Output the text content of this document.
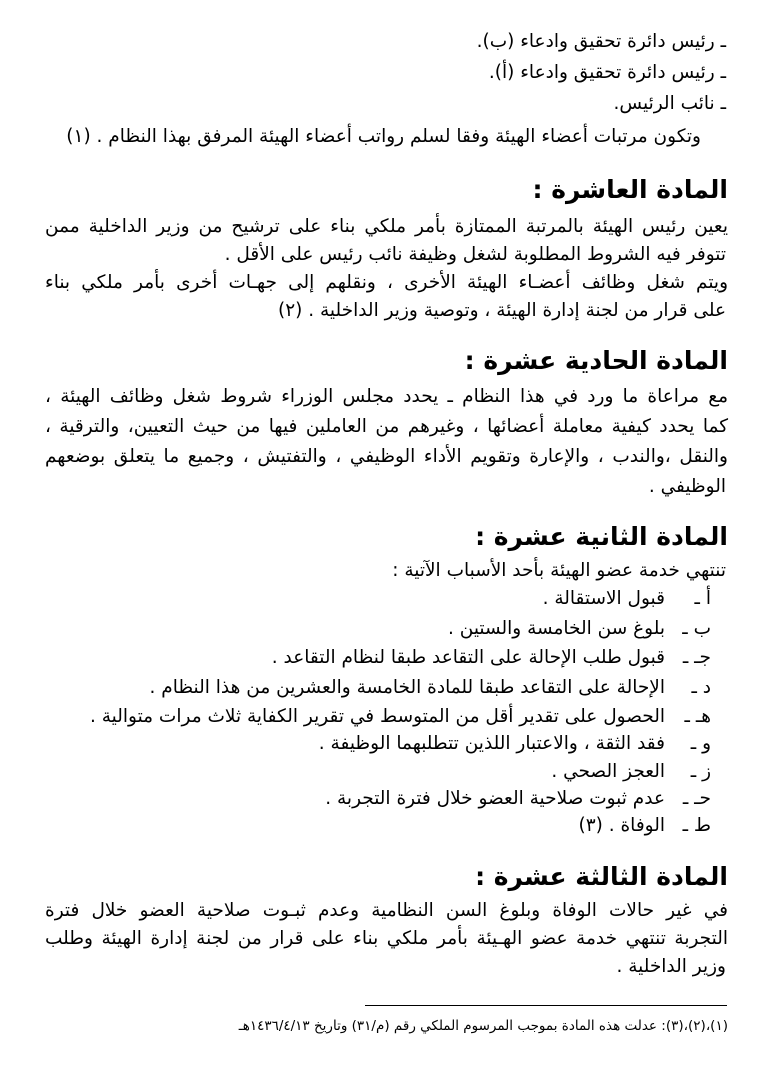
ـ رئيس دائرة تحقيق وادعاء (ب).
ـ رئيس دائرة تحقيق وادعاء (أ).
ـ نائب الرئيس.
وتكون مرتبات أعضاء الهيئة وفقا لسلم رواتب أعضاء الهيئة المرفق بهذا النظام . (١)
المادة العاشرة :
يعين رئيس الهيئة بالمرتبة الممتازة بأمر ملكي بناء على ترشيح من وزير الداخلية ممن
تتوفر فيه الشروط المطلوبة لشغل وظيفة نائب رئيس على الأقل .
ويتم شغل وظائف أعضـاء الهيئة الأخرى ، ونقلهم إلى جهـات أخرى بأمر ملكي بناء
على قرار من لجنة إدارة الهيئة ، وتوصية وزير الداخلية . (٢)
المادة الحادية عشرة :
مع مراعاة ما ورد في هذا النظام ـ يحدد مجلس الوزراء شروط شغل وظائف الهيئة ،
كما يحدد كيفية معاملة أعضائها ، وغيرهم من العاملين فيها من حيث التعيين، والترقية ،
والنقل ،والندب ، والإعارة وتقويم الأداء الوظيفي ، والتفتيش ، وجميع ما يتعلق بوضعهم
الوظيفي .
المادة الثانية عشرة :
تنتهي خدمة عضو الهيئة بأحد الأسباب الآتية :
أ ـ
قبول الاستقالة .
ب ـ
بلوغ سن الخامسة والستين .
جـ ـ
قبول طلب الإحالة على التقاعد طبقا لنظام التقاعد .
د ـ
الإحالة على التقاعد طبقا للمادة الخامسة والعشرين من هذا النظام .
هـ ـ
الحصول على تقدير أقل من المتوسط في تقرير الكفاية ثلاث مرات متوالية .
و ـ
فقد الثقة ، والاعتبار اللذين تتطلبهما الوظيفة .
ز ـ
العجز الصحي .
حـ ـ
عدم ثبوت صلاحية العضو خلال فترة التجربة .
ط ـ
الوفاة . (٣)
المادة الثالثة عشرة :
في غير حالات الوفاة وبلوغ السن النظامية وعدم ثبـوت صلاحية العضو خلال فترة
التجربة تنتهي خدمة عضو الهـيئة بأمر ملكي بناء على قرار من لجنة إدارة الهيئة وطلب
وزير الداخلية .
(١)،(٢)،(٣): عدلت هذه المادة بموجب المرسوم الملكي رقم (م/٣١) وتاريخ ١٤٣٦/٤/١٣هـ
